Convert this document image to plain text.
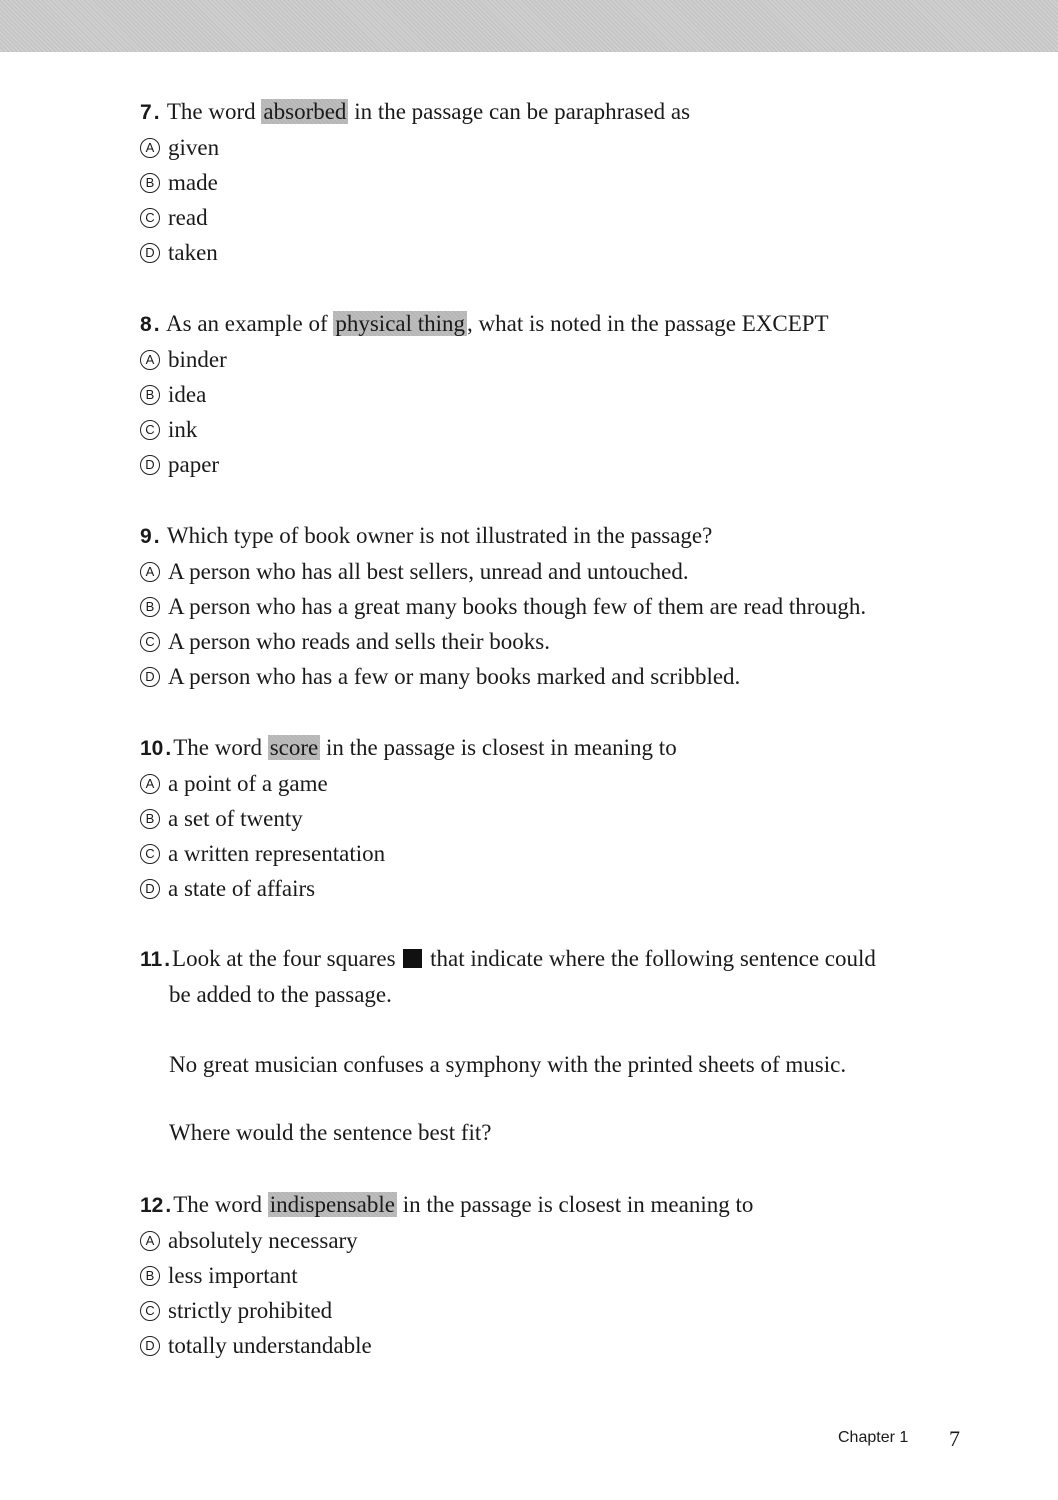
7. The word absorbed in the passage can be paraphrased as
A given
B made
C read
D taken
8. As an example of physical thing, what is noted in the passage EXCEPT
A binder
B idea
C ink
D paper
9. Which type of book owner is not illustrated in the passage?
A A person who has all best sellers, unread and untouched.
B A person who has a great many books though few of them are read through.
C A person who reads and sells their books.
D A person who has a few or many books marked and scribbled.
10.The word score in the passage is closest in meaning to
A a point of a game
B a set of twenty
C a written representation
D a state of affairs
11.Look at the four squares  that indicate where the following sentence could
be added to the passage.
No great musician confuses a symphony with the printed sheets of music.
Where would the sentence best fit?
12.The word indispensable in the passage is closest in meaning to
A absolutely necessary
B less important
C strictly prohibited
D totally understandable
Chapter 1 7
